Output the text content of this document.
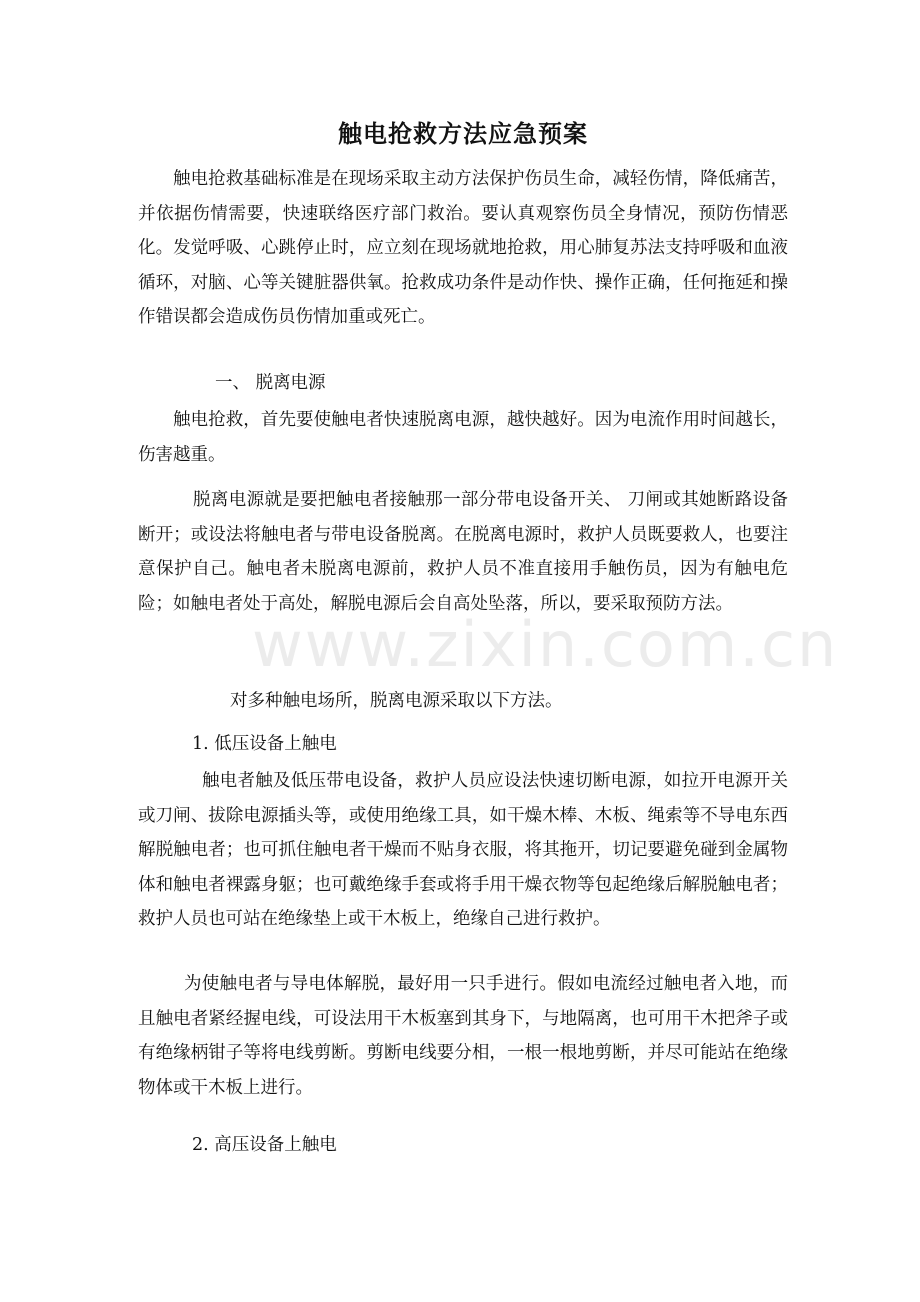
www.zixin.com.cn
触电抢救方法应急预案
触电抢救基础标准是在现场采取主动方法保护伤员生命，减轻伤情，降低痛苦，并依据伤情需要，快速联络医疗部门救治。要认真观察伤员全身情况，预防伤情恶化。发觉呼吸、心跳停止时，应立刻在现场就地抢救，用心肺复苏法支持呼吸和血液循环，对脑、心等关键脏器供氧。抢救成功条件是动作快、操作正确，任何拖延和操作错误都会造成伤员伤情加重或死亡。
一、 脱离电源
触电抢救，首先要使触电者快速脱离电源，越快越好。因为电流作用时间越长，伤害越重。
脱离电源就是要把触电者接触那一部分带电设备开关、 刀闸或其她断路设备断开；或设法将触电者与带电设备脱离。在脱离电源时，救护人员既要救人，也要注意保护自己。触电者未脱离电源前，救护人员不准直接用手触伤员，因为有触电危险；如触电者处于高处，解脱电源后会自高处坠落，所以，要采取预防方法。
对多种触电场所，脱离电源采取以下方法。
1. 低压设备上触电
触电者触及低压带电设备，救护人员应设法快速切断电源，如拉开电源开关或刀闸、拔除电源插头等，或使用绝缘工具，如干燥木棒、木板、绳索等不导电东西解脱触电者；也可抓住触电者干燥而不贴身衣服，将其拖开，切记要避免碰到金属物体和触电者裸露身躯；也可戴绝缘手套或将手用干燥衣物等包起绝缘后解脱触电者；救护人员也可站在绝缘垫上或干木板上，绝缘自己进行救护。
为使触电者与导电体解脱，最好用一只手进行。假如电流经过触电者入地，而且触电者紧经握电线，可设法用干木板塞到其身下，与地隔离，也可用干木把斧子或有绝缘柄钳子等将电线剪断。剪断电线要分相，一根一根地剪断，并尽可能站在绝缘物体或干木板上进行。
2. 高压设备上触电
